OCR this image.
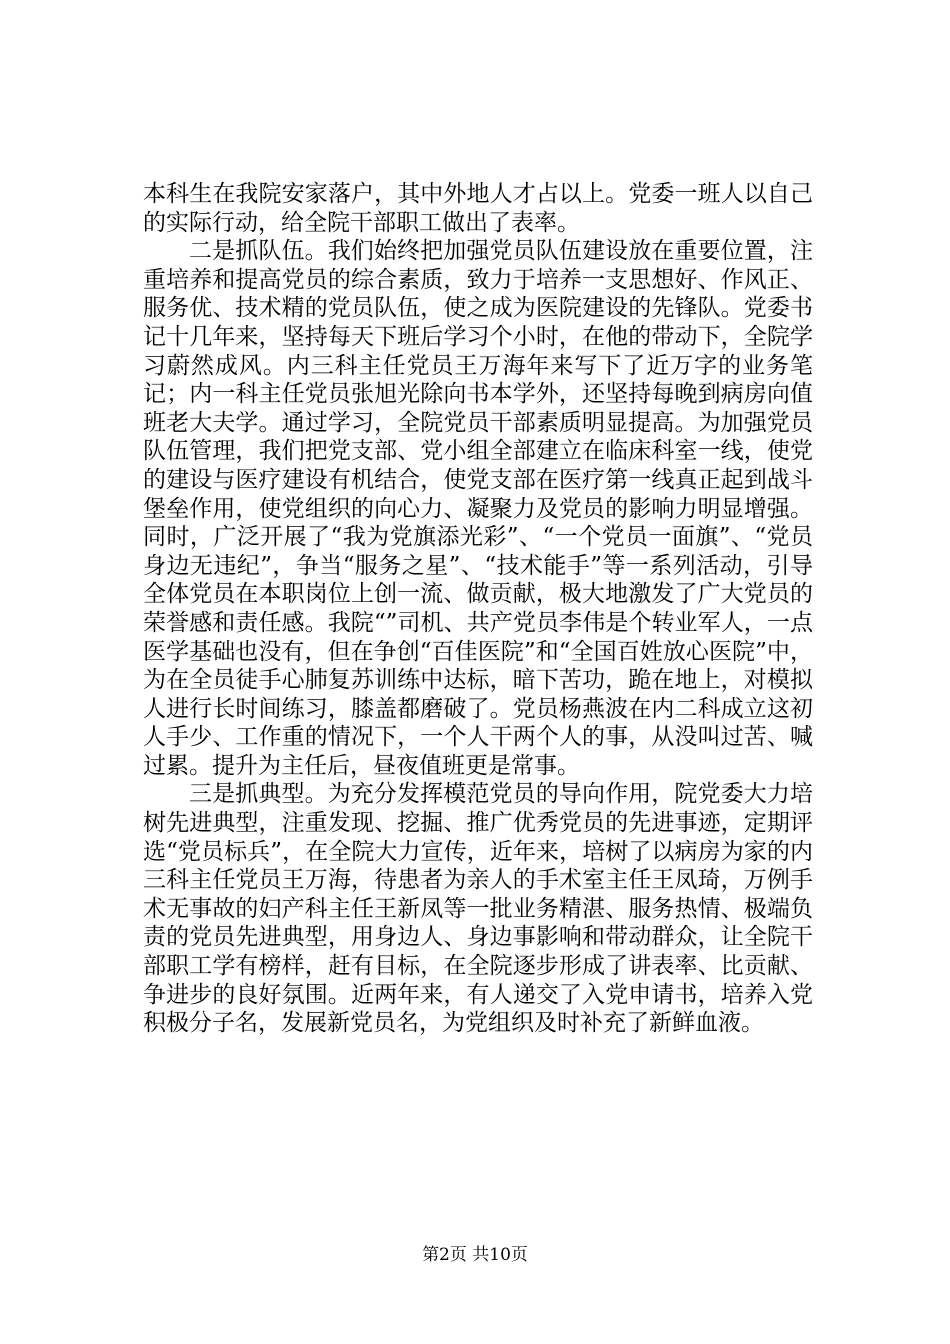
本科生在我院安家落户，其中外地人才占以上。党委一班人以自己的实际行动，给全院干部职工做出了表率。

二是抓队伍。我们始终把加强党员队伍建设放在重要位置，注重培养和提高党员的综合素质，致力于培养一支思想好、作风正、服务优、技术精的党员队伍，使之成为医院建设的先锋队。党委书记十几年来，坚持每天下班后学习个小时，在他的带动下，全院学习蔚然成风。内三科主任党员王万海年来写下了近万字的业务笔记；内一科主任党员张旭光除向书本学外，还坚持每晚到病房向值班老大夫学。通过学习，全院党员干部素质明显提高。为加强党员队伍管理，我们把党支部、党小组全部建立在临床科室一线，使党的建设与医疗建设有机结合，使党支部在医疗第一线真正起到战斗堡垒作用，使党组织的向心力、凝聚力及党员的影响力明显增强。同时，广泛开展了“我为党旗添光彩”、“一个党员一面旗”、“党员身边无违纪”，争当“服务之星”、“技术能手”等一系列活动，引导全体党员在本职岗位上创一流、做贡献，极大地激发了广大党员的荣誉感和责任感。我院“”司机、共产党员李伟是个转业军人，一点医学基础也没有，但在争创“百佳医院”和“全国百姓放心医院”中，为在全员徒手心肺复苏训练中达标，暗下苦功，跪在地上，对模拟人进行长时间练习，膝盖都磨破了。党员杨燕波在内二科成立这初人手少、工作重的情况下，一个人干两个人的事，从没叫过苦、喊过累。提升为主任后，昼夜值班更是常事。

三是抓典型。为充分发挥模范党员的导向作用，院党委大力培树先进典型，注重发现、挖掘、推广优秀党员的先进事迹，定期评选“党员标兵”，在全院大力宣传，近年来，培树了以病房为家的内三科主任党员王万海，待患者为亲人的手术室主任王凤琦，万例手术无事故的妇产科主任王新凤等一批业务精湛、服务热情、极端负责的党员先进典型，用身边人、身边事影响和带动群众，让全院干部职工学有榜样，赶有目标，在全院逐步形成了讲表率、比贡献、争进步的良好氛围。近两年来，有人递交了入党申请书，培养入党积极分子名，发展新党员名，为党组织及时补充了新鲜血液。

第2页 共10页
